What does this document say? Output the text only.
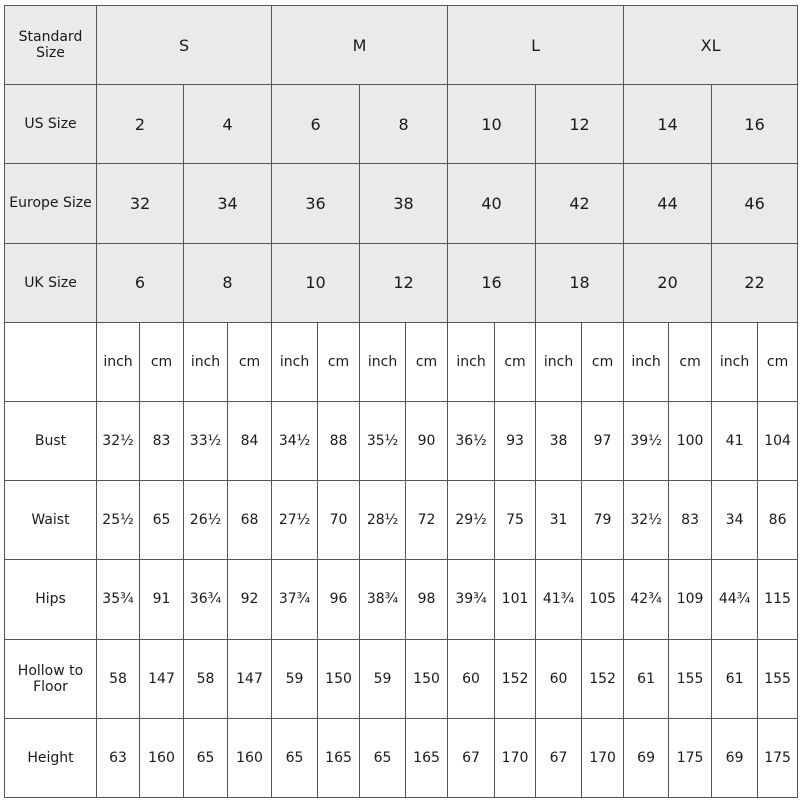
Standard
Size	S				M				L				XL			
US Size	2		4		6		8		10		12		14		16	
Europe Size	32		34		36		38		40		42		44		46	
UK Size	6		8		10		12		16		18		20		22	
	inch	cm	inch	cm	inch	cm	inch	cm	inch	cm	inch	cm	inch	cm	inch	cm
Bust	32½	83	33½	84	34½	88	35½	90	36½	93	38	97	39½	100	41	104
Waist	25½	65	26½	68	27½	70	28½	72	29½	75	31	79	32½	83	34	86
Hips	35¾	91	36¾	92	37¾	96	38¾	98	39¾	101	41¾	105	42¾	109	44¾	115
Hollow to
Floor	58	147	58	147	59	150	59	150	60	152	60	152	61	155	61	155
Height	63	160	65	160	65	165	65	165	67	170	67	170	69	175	69	175
